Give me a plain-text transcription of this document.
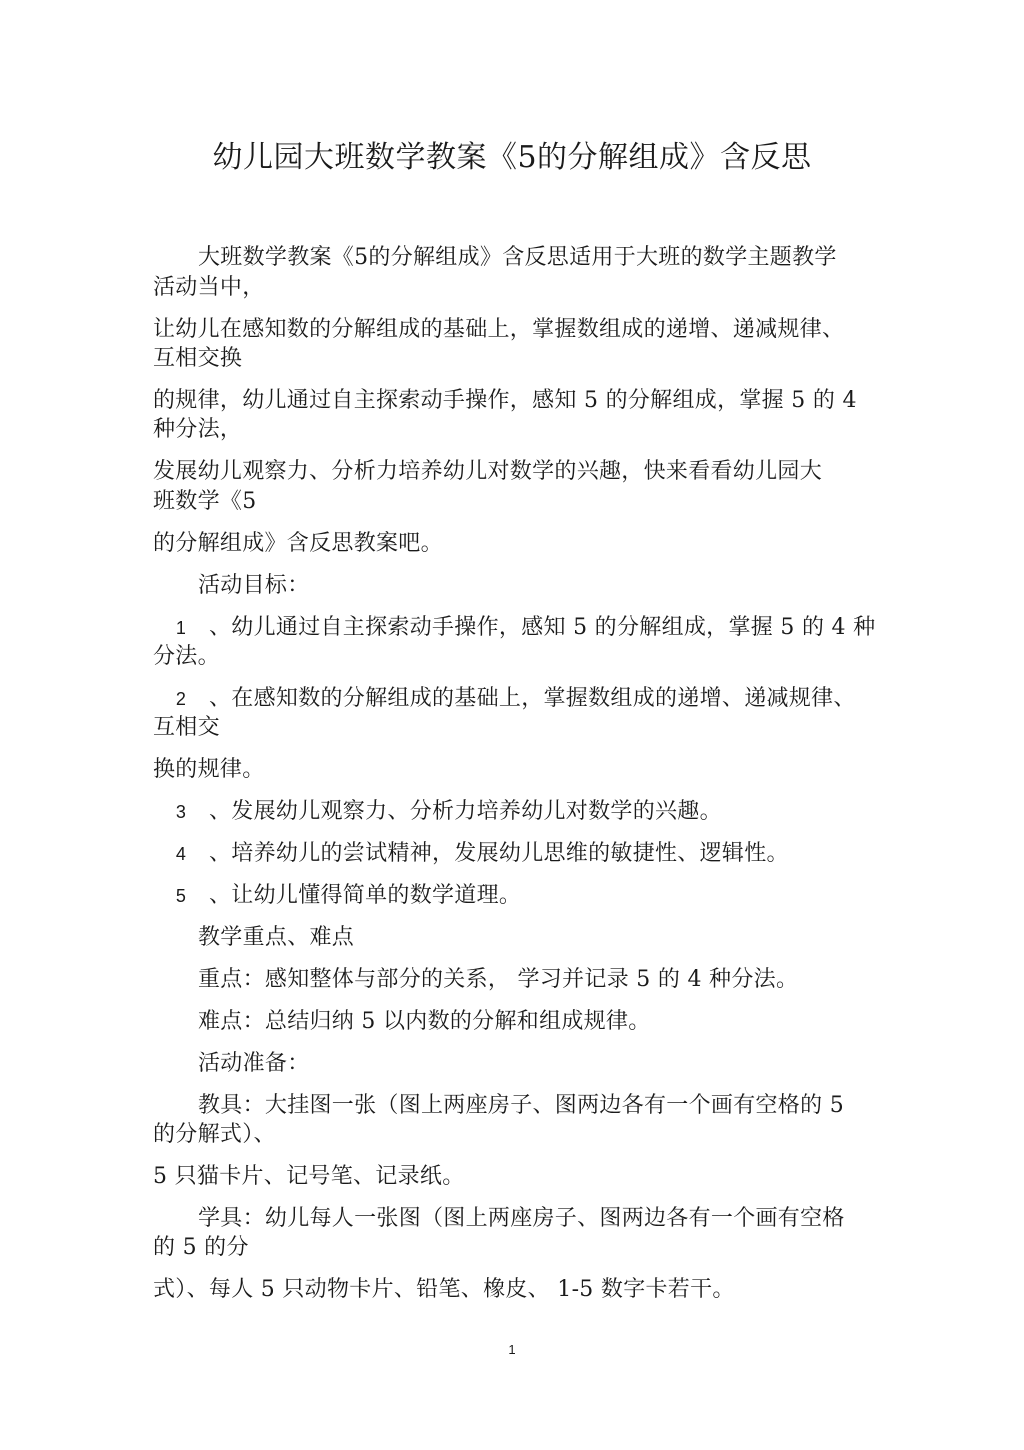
幼儿园大班数学教案《5的分解组成》含反思
大班数学教案《5的分解组成》含反思适用于大班的数学主题教学
活动当中，
让幼儿在感知数的分解组成的基础上，掌握数组成的递增、递减规律、
互相交换
的规律，幼儿通过自主探索动手操作，感知 5 的分解组成，掌握 5 的 4
种分法，
发展幼儿观察力、分析力培养幼儿对数学的兴趣，快来看看幼儿园大
班数学《5
的分解组成》含反思教案吧。
活动目标：
1 、幼儿通过自主探索动手操作，感知 5 的分解组成，掌握 5 的 4 种
分法。
2 、在感知数的分解组成的基础上，掌握数组成的递增、递减规律、
互相交
换的规律。
3 、发展幼儿观察力、分析力培养幼儿对数学的兴趣。
4 、培养幼儿的尝试精神，发展幼儿思维的敏捷性、逻辑性。
5 、让幼儿懂得简单的数学道理。
教学重点、难点
重点：感知整体与部分的关系， 学习并记录 5 的 4 种分法。
难点：总结归纳 5 以内数的分解和组成规律。
活动准备：
教具：大挂图一张（图上两座房子、图两边各有一个画有空格的 5
的分解式）、
5 只猫卡片、记号笔、记录纸。
学具：幼儿每人一张图（图上两座房子、图两边各有一个画有空格
的 5 的分
式）、每人 5 只动物卡片、铅笔、橡皮、 1-5 数字卡若干。
1
